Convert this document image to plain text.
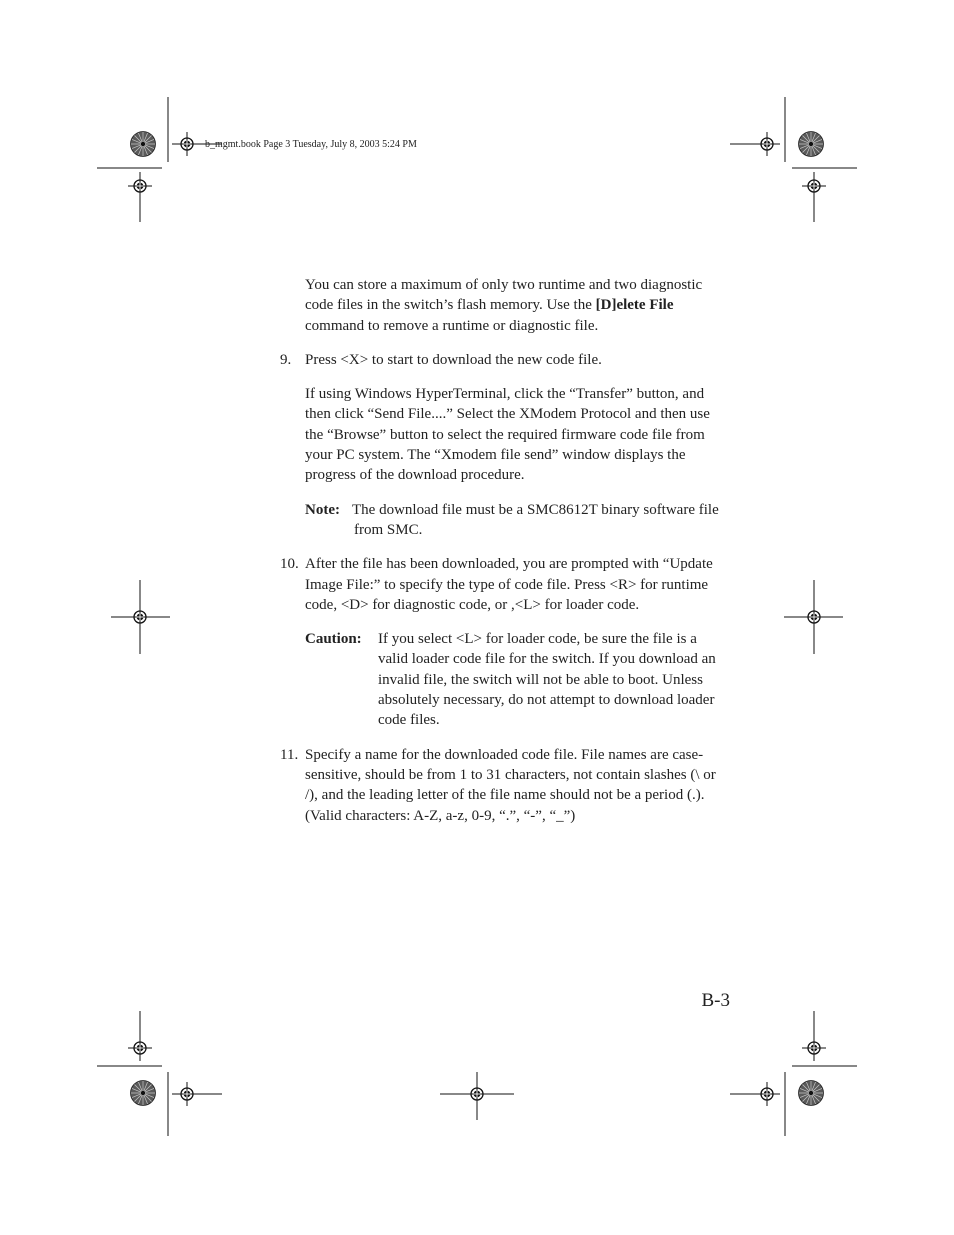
b_mgmt.book Page 3 Tuesday, July 8, 2003 5:24 PM

You can store a maximum of only two runtime and two diagnostic code files in the switch’s flash memory. Use the [D]elete File command to remove a runtime or diagnostic file.

9. Press <X> to start to download the new code file.

If using Windows HyperTerminal, click the “Transfer” button, and then click “Send File....” Select the XModem Protocol and then use the “Browse” button to select the required firmware code file from your PC system. The “Xmodem file send” window displays the progress of the download procedure.

Note: The download file must be a SMC8612T binary software file from SMC.
10. After the file has been downloaded, you are prompted with “Update Image File:” to specify the type of code file. Press <R> for runtime code, <D> for diagnostic code, or ,<L> for loader code.
Caution:	If you select <L> for loader code, be sure the file is a valid loader code file for the switch. If you download an invalid file, the switch will not be able to boot. Unless absolutely necessary, do not attempt to download loader code files.
11. Specify a name for the downloaded code file. File names are case-sensitive, should be from 1 to 31 characters, not contain slashes (\ or /), and the leading letter of the file name should not be a period (.). (Valid characters: A-Z, a-z, 0-9, “.”, “-”, “_”)
B-3
